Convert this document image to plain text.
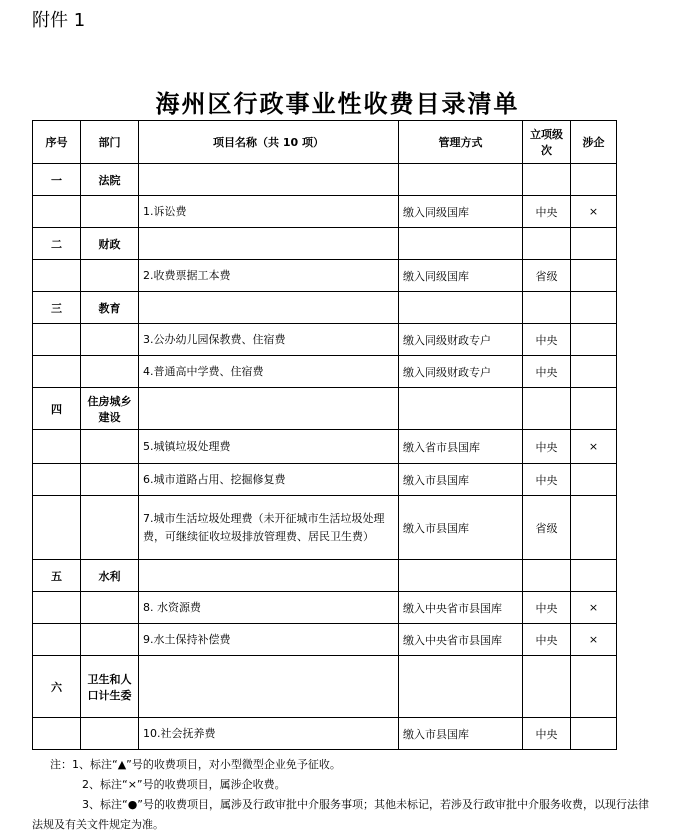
附件 1
海州区行政事业性收费目录清单
序号	部门	项目名称（共 10 项）	管理方式	立项级次	涉企
一	法院				
		1.诉讼费	缴入同级国库	中央	×
二	财政				
		2.收费票据工本费	缴入同级国库	省级	
三	教育				
		3.公办幼儿园保教费、住宿费	缴入同级财政专户	中央	
		4.普通高中学费、住宿费	缴入同级财政专户	中央	
四	住房城乡建设				
		5.城镇垃圾处理费	缴入省市县国库	中央	×
		6.城市道路占用、挖掘修复费	缴入市县国库	中央	
		7.城市生活垃圾处理费（未开征城市生活垃圾处理费，可继续征收垃圾排放管理费、居民卫生费）	缴入市县国库	省级	
五	水利				
		8. 水资源费	缴入中央省市县国库	中央	×
		9.水土保持补偿费	缴入中央省市县国库	中央	×
六	卫生和人口计生委				
		10.社会抚养费	缴入市县国库	中央	
注：1、标注“▲”号的收费项目，对小型微型企业免予征收。
2、标注“×”号的收费项目，属涉企收费。
3、标注“●”号的收费项目，属涉及行政审批中介服务事项；其他未标记，若涉及行政审批中介服务收费，以现行法律法规及有关文件规定为准。
